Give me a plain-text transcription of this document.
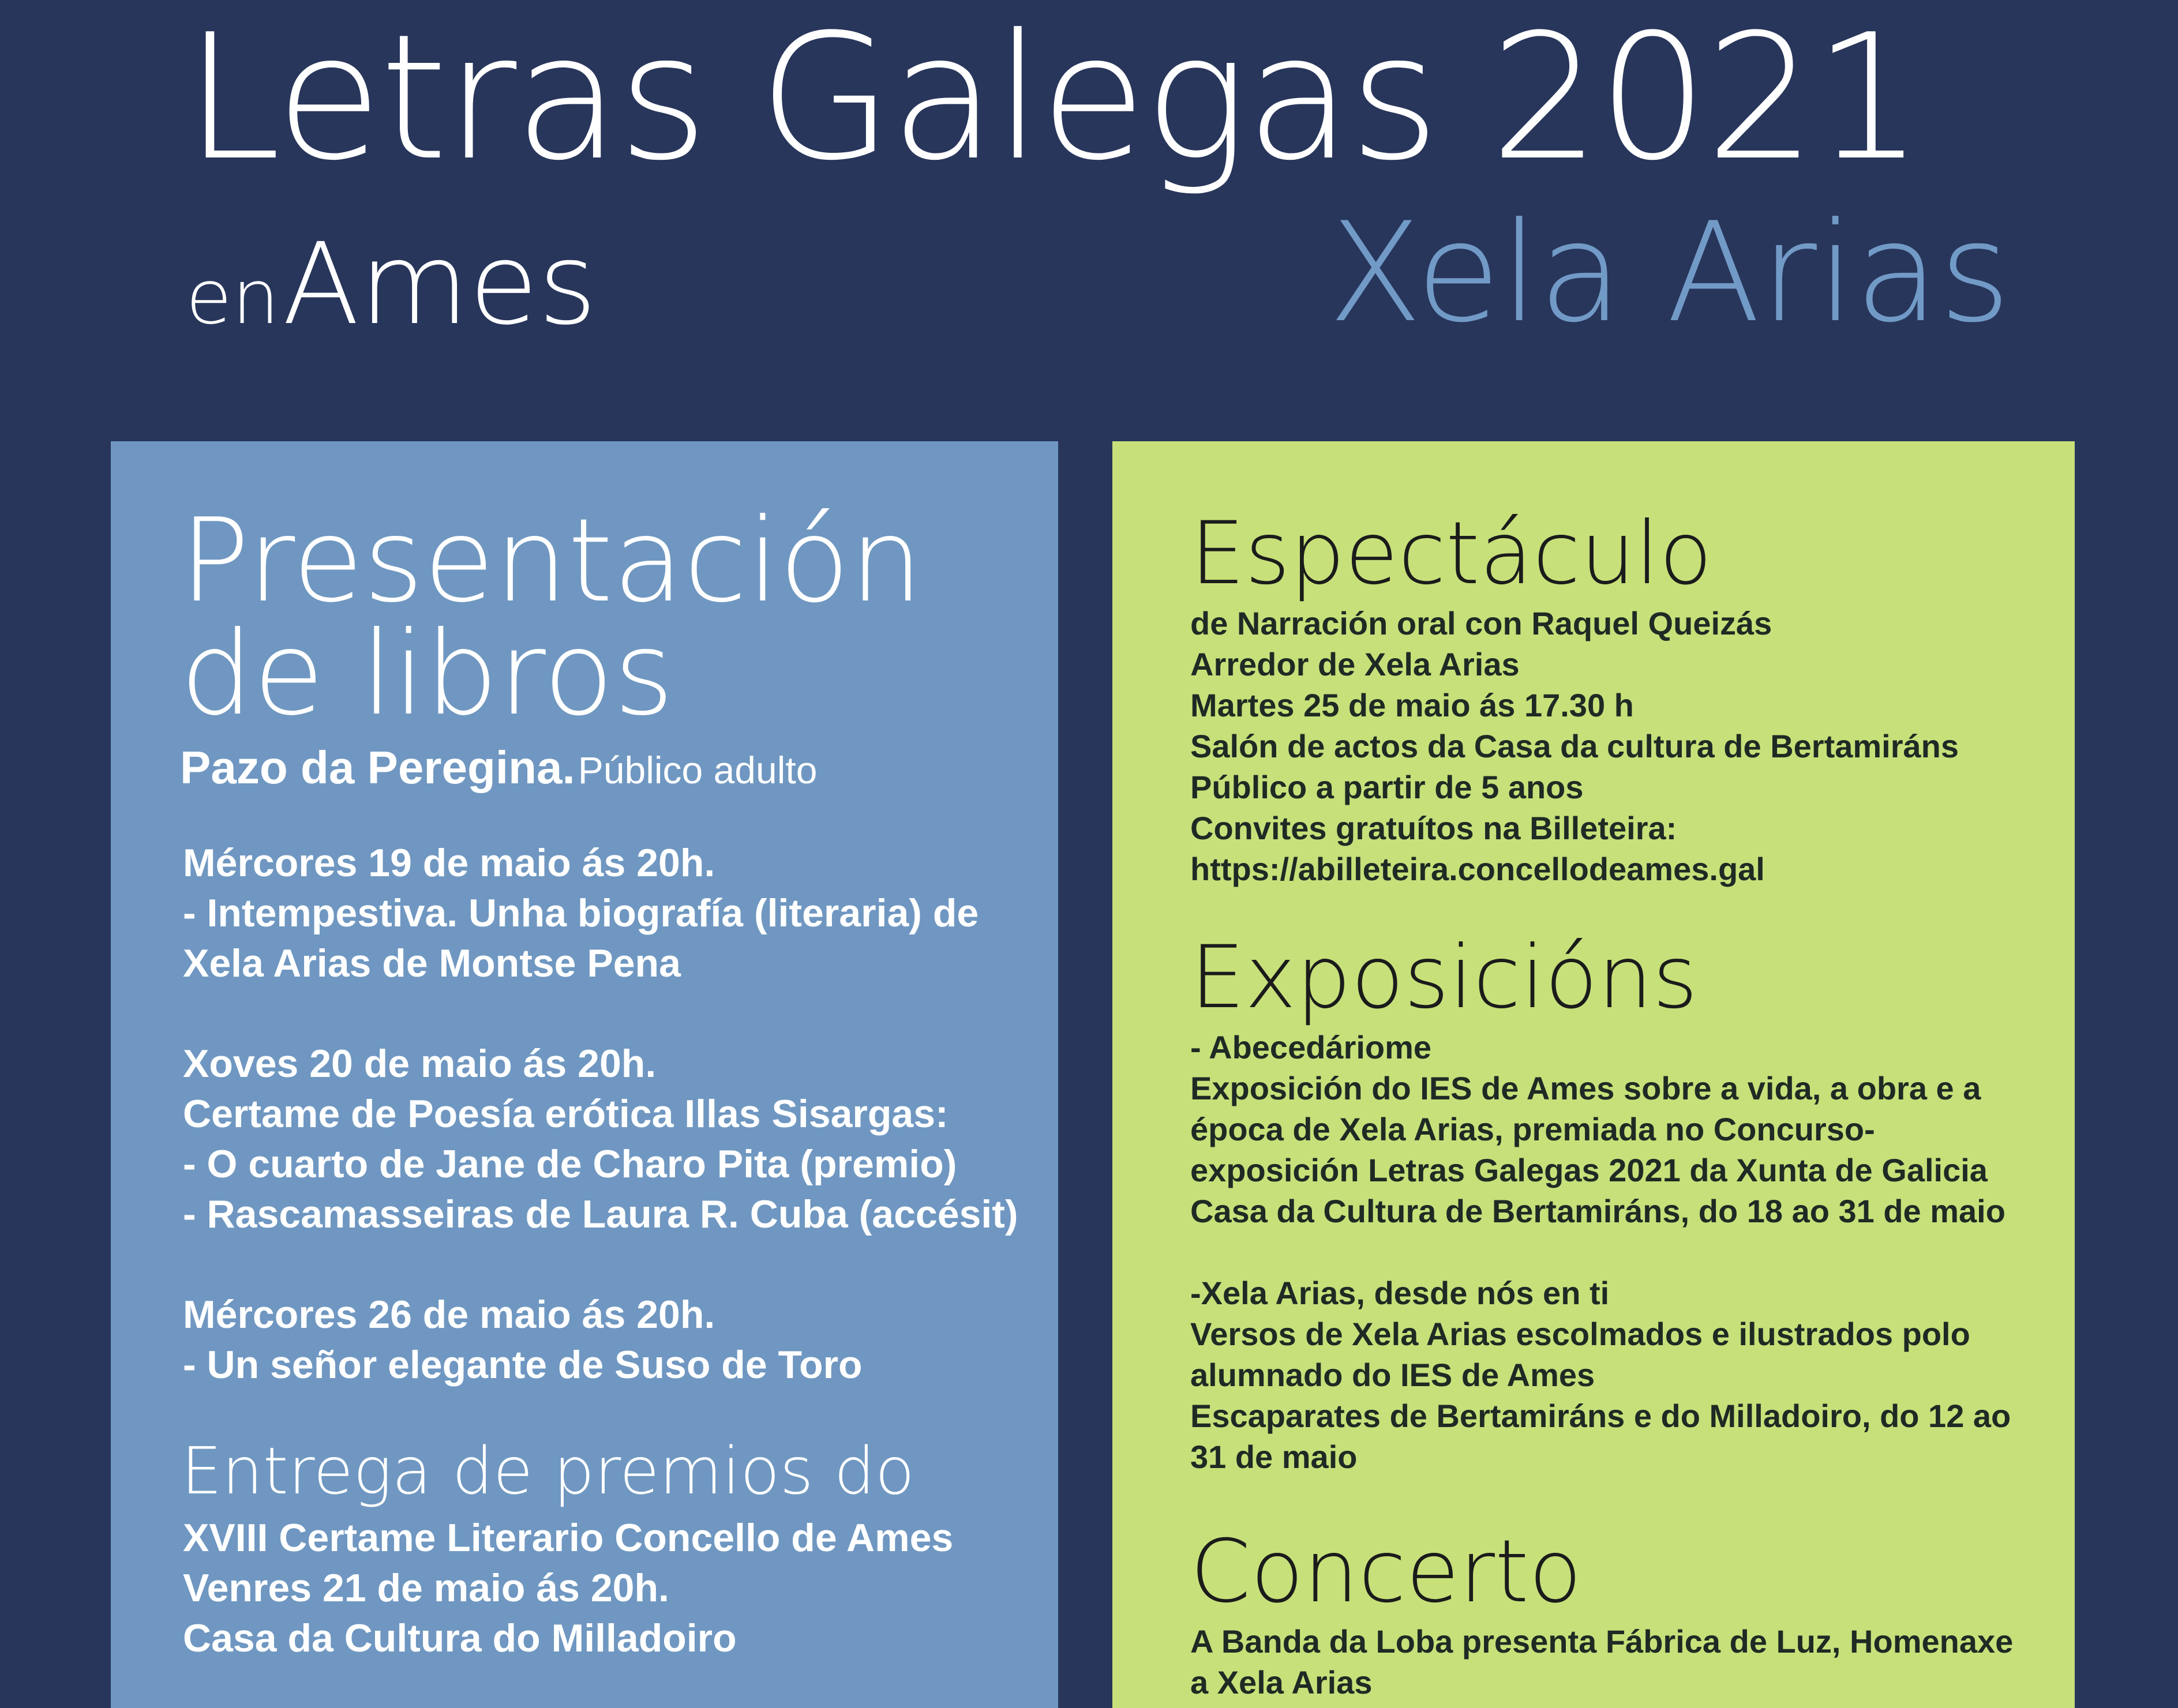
Letras Galegas 2021
en Ames	Xela Arias
Presentación
de libros
Pazo da Peregina. Público adulto

Mércores 19 de maio ás 20h.
- Intempestiva. Unha biografía (literaria) de
Xela Arias de Montse Pena

Xoves 20 de maio ás 20h.
Certame de Poesía erótica Illas Sisargas:
- O cuarto de Jane de Charo Pita (premio)
- Rascamasseiras de Laura R. Cuba (accésit)

Mércores 26 de maio ás 20h.
- Un señor elegante de Suso de Toro

Entrega de premios do

XVIII Certame Literario Concello de Ames
Venres 21 de maio ás 20h.
Casa da Cultura do Milladoiro

Espectáculo

de Narración oral con Raquel Queizás
Arredor de Xela Arias
Martes 25 de maio ás 17.30 h
Salón de actos da Casa da cultura de Bertamiráns
Público a partir de 5 anos
Convites gratuítos na Billeteira:
https://abilleteira.concellodeames.gal

Exposicións

- Abecedáriome
Exposición do IES de Ames sobre a vida, a obra e a
época de Xela Arias, premiada no Concurso-
exposición Letras Galegas 2021 da Xunta de Galicia
Casa da Cultura de Bertamiráns, do 18 ao 31 de maio

-Xela Arias, desde nós en ti
Versos de Xela Arias escolmados e ilustrados polo
alumnado do IES de Ames
Escaparates de Bertamiráns e do Milladoiro, do 12 ao
31 de maio

Concerto

A Banda da Loba presenta Fábrica de Luz, Homenaxe
a Xela Arias
